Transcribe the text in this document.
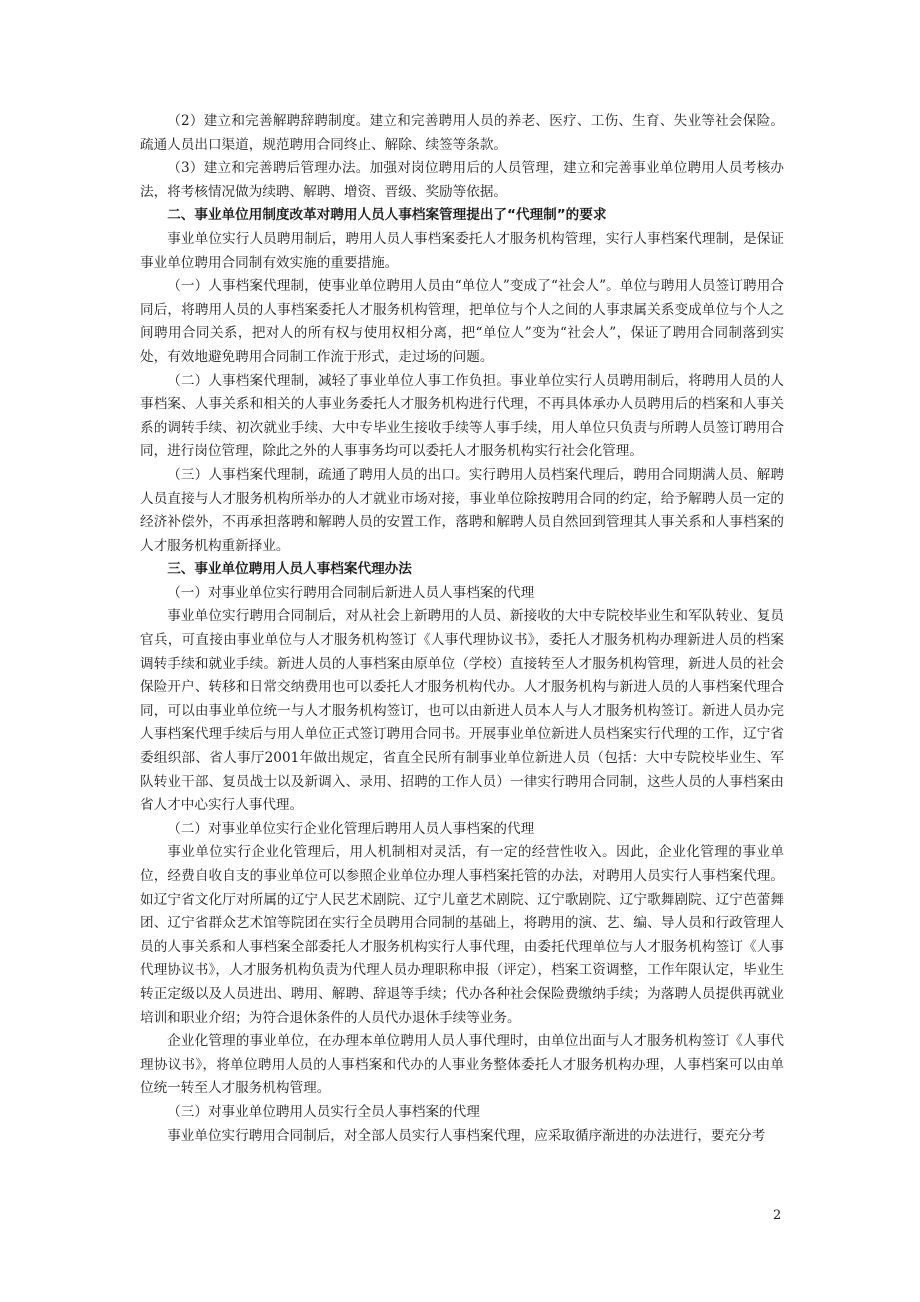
（2）建立和完善解聘辞聘制度。建立和完善聘用人员的养老、医疗、工伤、生育、失业等社会保险。疏通人员出口渠道，规范聘用合同终止、解除、续签等条款。

（3）建立和完善聘后管理办法。加强对岗位聘用后的人员管理，建立和完善事业单位聘用人员考核办法，将考核情况做为续聘、解聘、增资、晋级、奖励等依据。

二、事业单位用制度改革对聘用人员人事档案管理提出了“代理制”的要求

事业单位实行人员聘用制后，聘用人员人事档案委托人才服务机构管理，实行人事档案代理制，是保证事业单位聘用合同制有效实施的重要措施。

（一）人事档案代理制，使事业单位聘用人员由“单位人”变成了“社会人”。单位与聘用人员签订聘用合同后，将聘用人员的人事档案委托人才服务机构管理，把单位与个人之间的人事隶属关系变成单位与个人之间聘用合同关系，把对人的所有权与使用权相分离，把“单位人”变为“社会人”，保证了聘用合同制落到实处，有效地避免聘用合同制工作流于形式，走过场的问题。

（二）人事档案代理制，减轻了事业单位人事工作负担。事业单位实行人员聘用制后，将聘用人员的人事档案、人事关系和相关的人事业务委托人才服务机构进行代理，不再具体承办人员聘用后的档案和人事关系的调转手续、初次就业手续、大中专毕业生接收手续等人事手续，用人单位只负责与所聘人员签订聘用合同，进行岗位管理，除此之外的人事事务均可以委托人才服务机构实行社会化管理。

（三）人事档案代理制，疏通了聘用人员的出口。实行聘用人员档案代理后，聘用合同期满人员、解聘人员直接与人才服务机构所举办的人才就业市场对接，事业单位除按聘用合同的约定，给予解聘人员一定的经济补偿外，不再承担落聘和解聘人员的安置工作，落聘和解聘人员自然回到管理其人事关系和人事档案的人才服务机构重新择业。

三、事业单位聘用人员人事档案代理办法

（一）对事业单位实行聘用合同制后新进人员人事档案的代理

事业单位实行聘用合同制后，对从社会上新聘用的人员、新接收的大中专院校毕业生和军队转业、复员官兵，可直接由事业单位与人才服务机构签订《人事代理协议书》，委托人才服务机构办理新进人员的档案调转手续和就业手续。新进人员的人事档案由原单位（学校）直接转至人才服务机构管理，新进人员的社会保险开户、转移和日常交纳费用也可以委托人才服务机构代办。人才服务机构与新进人员的人事档案代理合同，可以由事业单位统一与人才服务机构签订，也可以由新进人员本人与人才服务机构签订。新进人员办完人事档案代理手续后与用人单位正式签订聘用合同书。开展事业单位新进人员档案实行代理的工作，辽宁省委组织部、省人事厅2001年做出规定，省直全民所有制事业单位新进人员（包括：大中专院校毕业生、军队转业干部、复员战士以及新调入、录用、招聘的工作人员）一律实行聘用合同制，这些人员的人事档案由省人才中心实行人事代理。

（二）对事业单位实行企业化管理后聘用人员人事档案的代理

事业单位实行企业化管理后，用人机制相对灵活，有一定的经营性收入。因此，企业化管理的事业单位，经费自收自支的事业单位可以参照企业单位办理人事档案托管的办法，对聘用人员实行人事档案代理。如辽宁省文化厅对所属的辽宁人民艺术剧院、辽宁儿童艺术剧院、辽宁歌剧院、辽宁歌舞剧院、辽宁芭蕾舞团、辽宁省群众艺术馆等院团在实行全员聘用合同制的基础上，将聘用的演、艺、编、导人员和行政管理人员的人事关系和人事档案全部委托人才服务机构实行人事代理，由委托代理单位与人才服务机构签订《人事代理协议书》，人才服务机构负责为代理人员办理职称申报（评定），档案工资调整，工作年限认定，毕业生转正定级以及人员进出、聘用、解聘、辞退等手续；代办各种社会保险费缴纳手续；为落聘人员提供再就业培训和职业介绍；为符合退休条件的人员代办退休手续等业务。

企业化管理的事业单位，在办理本单位聘用人员人事代理时，由单位出面与人才服务机构签订《人事代理协议书》，将单位聘用人员的人事档案和代办的人事业务整体委托人才服务机构办理，人事档案可以由单位统一转至人才服务机构管理。

（三）对事业单位聘用人员实行全员人事档案的代理

事业单位实行聘用合同制后，对全部人员实行人事档案代理，应采取循序渐进的办法进行，要充分考

2
